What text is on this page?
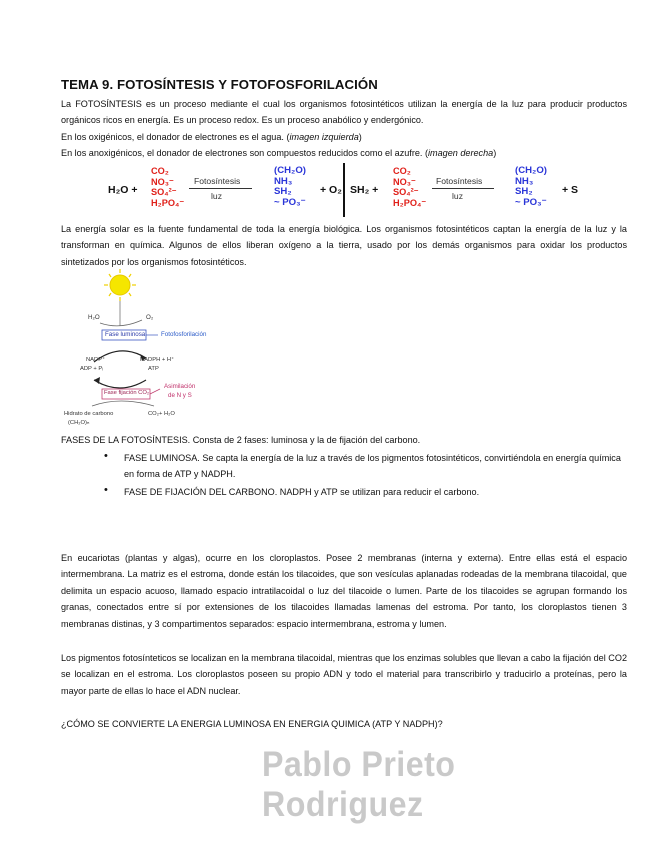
TEMA 9. FOTOSÍNTESIS Y FOTOFOSFORILACIÓN
La FOTOSÍNTESIS es un proceso mediante el cual los organismos fotosintéticos utilizan la energía de la luz para producir productos orgánicos ricos en energía. Es un proceso redox. Es un proceso anabólico y endergónico.
En los oxigénicos, el donador de electrones es el agua. (imagen izquierda)
En los anoxigénicos, el donador de electrones son compuestos reducidos como el azufre. (imagen derecha)
H₂O +
CO₂
NO₃⁻
SO₄²⁻
H₂PO₄⁻
Fotosíntesis
luz
(CH₂O)
NH₃
SH₂
~ PO₃⁻
+ O₂ SH₂ +
CO₂
NO₃⁻
SO₄²⁻
H₂PO₄⁻
Fotosíntesis
luz
(CH₂O)
NH₃
SH₂
~ PO₃⁻
+ S
La energía solar es la fuente fundamental de toda la energía biológica. Los organismos fotosintéticos captan la energía de la luz y la transforman en química. Algunos de ellos liberan oxígeno a la tierra, usado por los demás organismos para oxidar los productos sintetizados por los organismos fotosintéticos.
H₂O	O₂
Fase luminosa	Fotofosforilación
NADP⁺
ADP + Pᵢ
NADPH + H⁺
ATP
Asimilación
de N y S
Fase fijación CO₂
Hidrato de carbono
(CH₂O)ₙ
CO₂+ H₂O
FASES DE LA FOTOSÍNTESIS. Consta de 2 fases: luminosa y la de fijación del carbono.
• FASE LUMINOSA. Se capta la energía de la luz a través de los pigmentos fotosintéticos, convirtiéndola en energía química en forma de ATP y NADPH.
• FASE DE FIJACIÓN DEL CARBONO. NADPH y ATP se utilizan para reducir el carbono.
En eucariotas (plantas y algas), ocurre en los cloroplastos. Posee 2 membranas (interna y externa). Entre ellas está el espacio intermembrana. La matriz es el estroma, donde están los tilacoides, que son vesículas aplanadas rodeadas de la membrana tilacoidal, que delimita un espacio acuoso, llamado espacio intratilacoidal o luz del tilacoide o lumen. Parte de los tilacoides se agrupan formando los granas, conectados entre sí por extensiones de los tilacoides llamadas lamenas del estroma. Por tanto, los cloroplastos tienen 3 membranas distinas, y 3 compartimentos separados: espacio intermembrana, estroma y lumen.
Los pigmentos fotosínteticos se localizan en la membrana tilacoidal, mientras que los enzimas solubles que llevan a cabo la fijación del CO2 se localizan en el estroma. Los cloroplastos poseen su propio ADN y todo el material para transcribirlo y traducirlo a proteínas, pero la mayor parte de ellas lo hace el ADN nuclear.
¿CÓMO SE CONVIERTE LA ENERGIA LUMINOSA EN ENERGIA QUIMICA (ATP Y NADPH)?
Pablo Prieto Rodriguez
